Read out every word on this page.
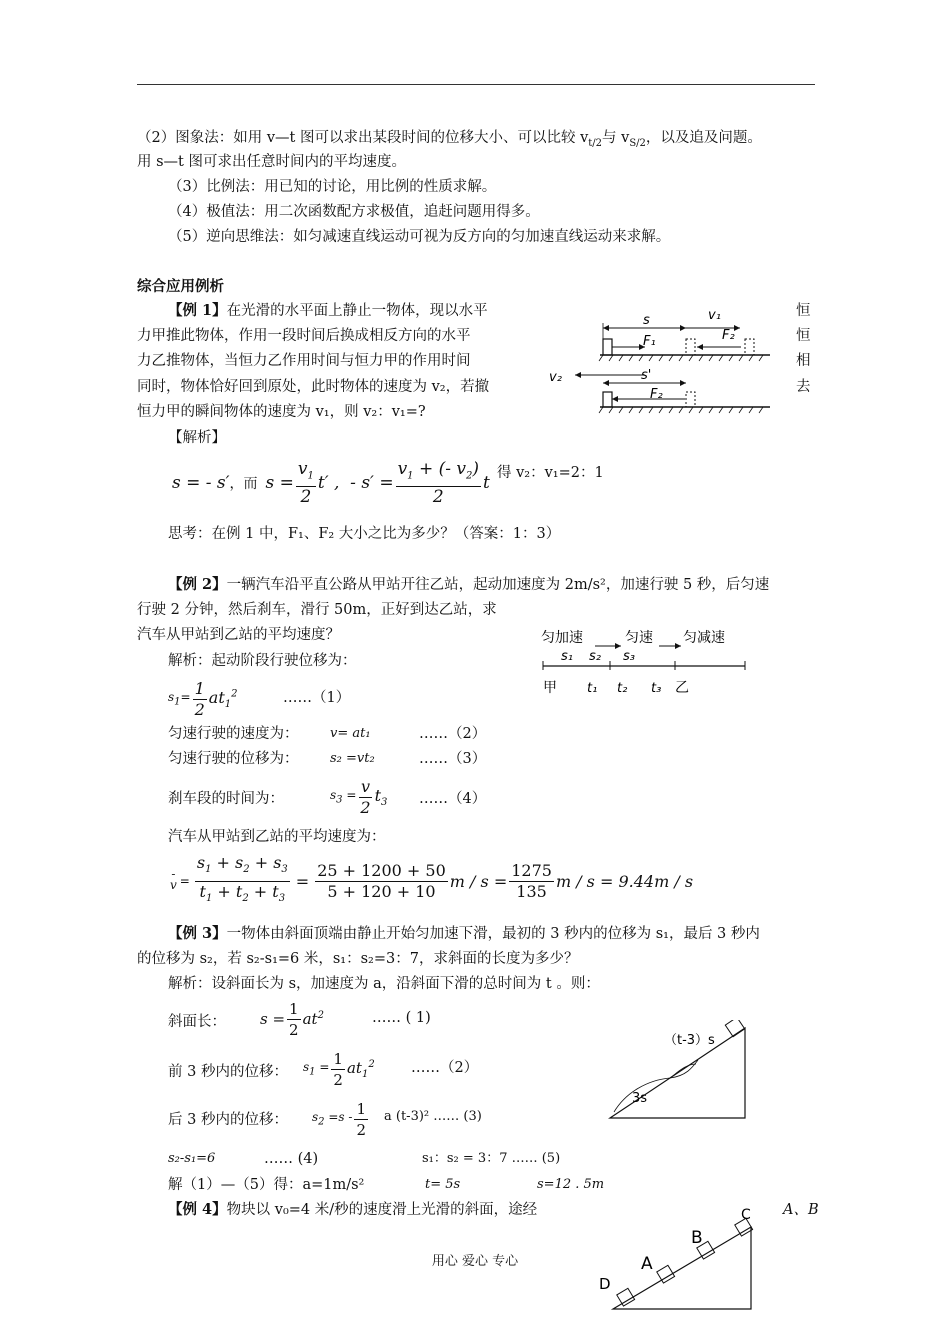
（2）图象法：如用 v—t 图可以求出某段时间的位移大小、可以比较 $v_{t/2}$与 $v_{S/2}$，以及追及问题。
用 s—t 图可求出任意时间内的平均速度。
（3）比例法：用已知的讨论，用比例的性质求解。
（4）极值法：用二次函数配方求极值，追赶问题用得多。
（5）逆向思维法：如匀减速直线运动可视为反方向的匀加速直线运动来求解。
综合应用例析
【例 1】在光滑的水平面上静止一物体，现以水平
力甲推此物体，作用一段时间后换成相反方向的水平
力乙推物体，当恒力乙作用时间与恒力甲的作用时间
同时，物体恰好回到原处，此时物体的速度为 v₂，若撤
恒力甲的瞬间物体的速度为 v₁，则 v₂：v₁=?
恒
恒
相
去
s	v₁
F₁	F₂
v₂	s'
F₂
【解析】
s = - s′ ，而 $s = \frac{v_1}{2} t'$ ,  - $s' = \frac{v_1 + (- v_2)}{2}$ t 得 v₂：v₁=2：1
思考：在例 1 中，F₁、F₂ 大小之比为多少？（答案：1：3）
【例 2】一辆汽车沿平直公路从甲站开往乙站，起动加速度为 2m/s²，加速行驶 5 秒，后匀速
行驶 2 分钟，然后刹车，滑行 50m，正好到达乙站，求
汽车从甲站到乙站的平均速度？
解析：起动阶段行驶位移为：
匀加速	匀速 匀减速
s₁ s₂ s₃
甲 t₁ t₂ t₃ 乙
$s_1= \frac{1}{2} at_1^2$	……（1）
匀速行驶的速度为： v= at₁	……（2）
匀速行驶的位移为： s₂ =vt₂	……（3）
刹车段的时间为：	$s_3 = \frac{v}{2} t_3$ ……（4）
汽车从甲站到乙站的平均速度为：
-
$v = \frac{s_1 + s_2 + s_3}{t_1 + t_2 + t_3} = \frac{25 + 1200 + 50}{5 + 120 + 10}$ $m / s = \frac{1275}{135}$ m / s = 9.44m / s
【例 3】一物体由斜面顶端由静止开始匀加速下滑，最初的 3 秒内的位移为 s₁，最后 3 秒内
的位移为 s₂，若 s₂-s₁=6 米，s₁：s₂=3：7，求斜面的长度为多少？
解析：设斜面长为 s，加速度为 a，沿斜面下滑的总时间为 t 。则：
斜面长： $s = \frac{1}{2} at^2$	…… ( 1)
前 3 秒内的位移： $s_1 = \frac{1}{2} at_1^2$	……（2）
后 3 秒内的位移： $s_2 =s - \frac{1}{2}$ a (t-3)² …… (3)
s₂-s₁=6	…… (4)	s₁：s₂ = 3：7 …… (5)
解（1）—（5）得：a=1m/s²	t= 5s	s=12 . 5m
（t-3）s
3s
【例 4】物块以 v₀=4 米/秒的速度滑上光滑的斜面，途经	A、B
D
A
B
C
用心 爱心 专心
